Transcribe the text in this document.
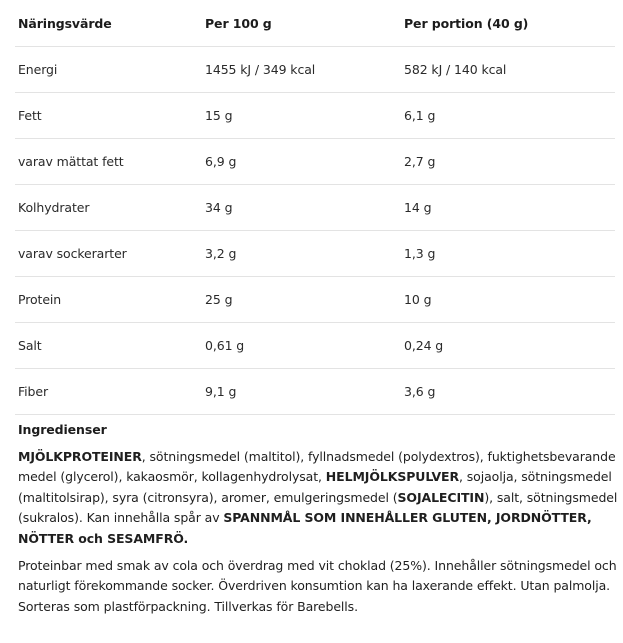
Näringsvärde	Per 100 g	Per portion (40 g)
Energi	1455 kJ / 349 kcal	582 kJ / 140 kcal
Fett	15 g	6,1 g
varav mättat fett	6,9 g	2,7 g
Kolhydrater	34 g	14 g
varav sockerarter	3,2 g	1,3 g
Protein	25 g	10 g
Salt	0,61 g	0,24 g
Fiber	9,1 g	3,6 g
Ingredienser

MJÖLKPROTEINER, sötningsmedel (maltitol), fyllnadsmedel (polydextros), fuktighetsbevarande medel (glycerol), kakaosmör, kollagenhydrolysat, HELMJÖLKSPULVER, sojaolja, sötningsmedel (maltitolsirap), syra (citronsyra), aromer, emulgeringsmedel (SOJALECITIN), salt, sötningsmedel (sukralos). Kan innehålla spår av SPANNMÅL SOM INNEHÅLLER GLUTEN, JORDNÖTTER, NÖTTER och SESAMFRÖ.

Proteinbar med smak av cola och överdrag med vit choklad (25%). Innehåller sötningsmedel och naturligt förekommande socker. Överdriven konsumtion kan ha laxerande effekt. Utan palmolja. Sorteras som plastförpackning. Tillverkas för Barebells.
